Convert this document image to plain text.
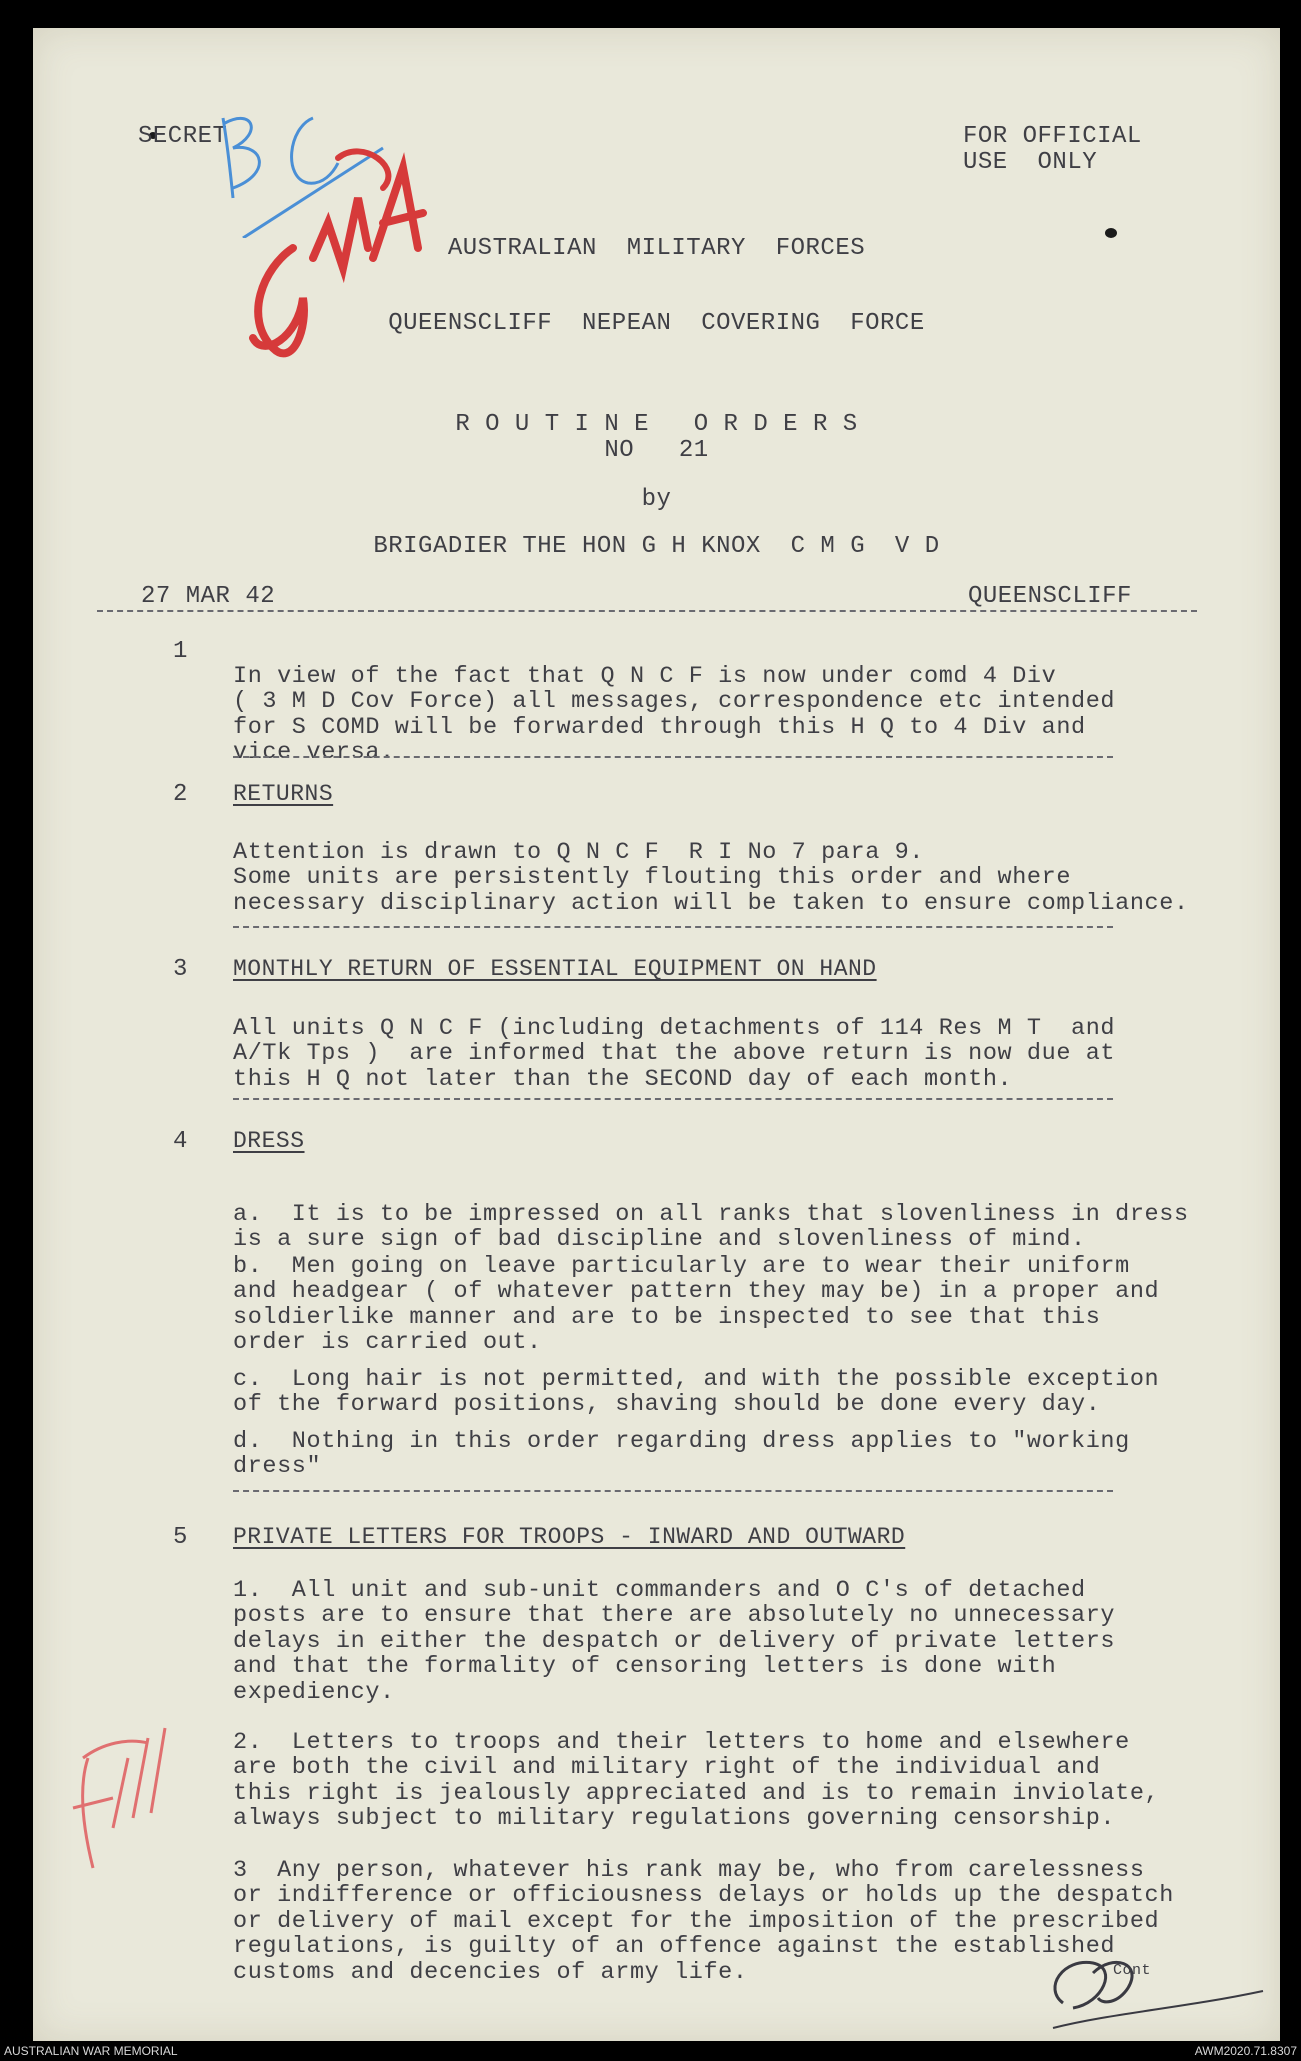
SECRET	FOR OFFICIAL
USE  ONLY
AUSTRALIAN  MILITARY  FORCES
QUEENSCLIFF  NEPEAN  COVERING  FORCE
R O U T I N E   O R D E R S
NO   21
by
BRIGADIER THE HON G H KNOX  C M G  V D
27 MAR 42	QUEENSCLIFF
1

In view of the fact that Q N C F is now under comd 4 Div
( 3 M D Cov Force) all messages, correspondence etc intended
for S COMD will be forwarded through this H Q to 4 Div and
vice versa.
2 RETURNS

Attention is drawn to Q N C F  R I No 7 para 9.
Some units are persistently flouting this order and where
necessary disciplinary action will be taken to ensure compliance.
3 MONTHLY RETURN OF ESSENTIAL EQUIPMENT ON HAND

All units Q N C F (including detachments of 114 Res M T  and
A/Tk Tps )  are informed that the above return is now due at
this H Q not later than the SECOND day of each month.
4 DRESS

a.  It is to be impressed on all ranks that slovenliness in dress
is a sure sign of bad discipline and slovenliness of mind.

b.  Men going on leave particularly are to wear their uniform
and headgear ( of whatever pattern they may be) in a proper and
soldierlike manner and are to be inspected to see that this
order is carried out.

c.  Long hair is not permitted, and with the possible exception
of the forward positions, shaving should be done every day.

d.  Nothing in this order regarding dress applies to "working
dress"
5 PRIVATE LETTERS FOR TROOPS - INWARD AND OUTWARD

1.  All unit and sub-unit commanders and O C's of detached
posts are to ensure that there are absolutely no unnecessary
delays in either the despatch or delivery of private letters
and that the formality of censoring letters is done with
expediency.

2.  Letters to troops and their letters to home and elsewhere
are both the civil and military right of the individual and
this right is jealously appreciated and is to remain inviolate,
always subject to military regulations governing censorship.

3  Any person, whatever his rank may be, who from carelessness
or indifference or officiousness delays or holds up the despatch
or delivery of mail except for the imposition of the prescribed
regulations, is guilty of an offence against the established
customs and decencies of army life.	Cont
AUSTRALIAN WAR MEMORIAL	AWM2020.71.8307
